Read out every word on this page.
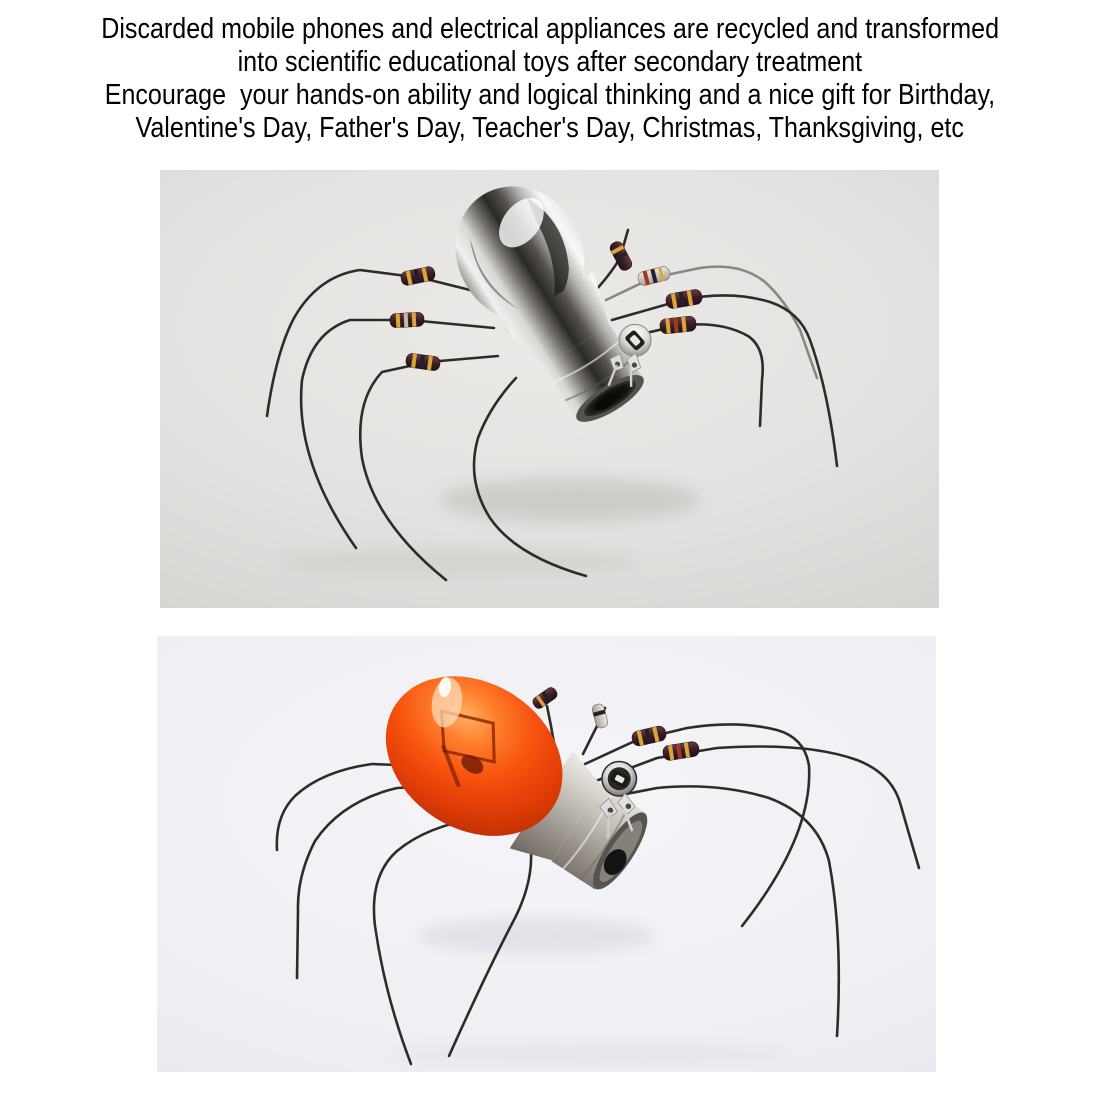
Discarded mobile phones and electrical appliances are recycled and transformed
into scientific educational toys after secondary treatment
Encourage  your hands-on ability and logical thinking and a nice gift for Birthday,
Valentine's Day, Father's Day, Teacher's Day, Christmas, Thanksgiving, etc
